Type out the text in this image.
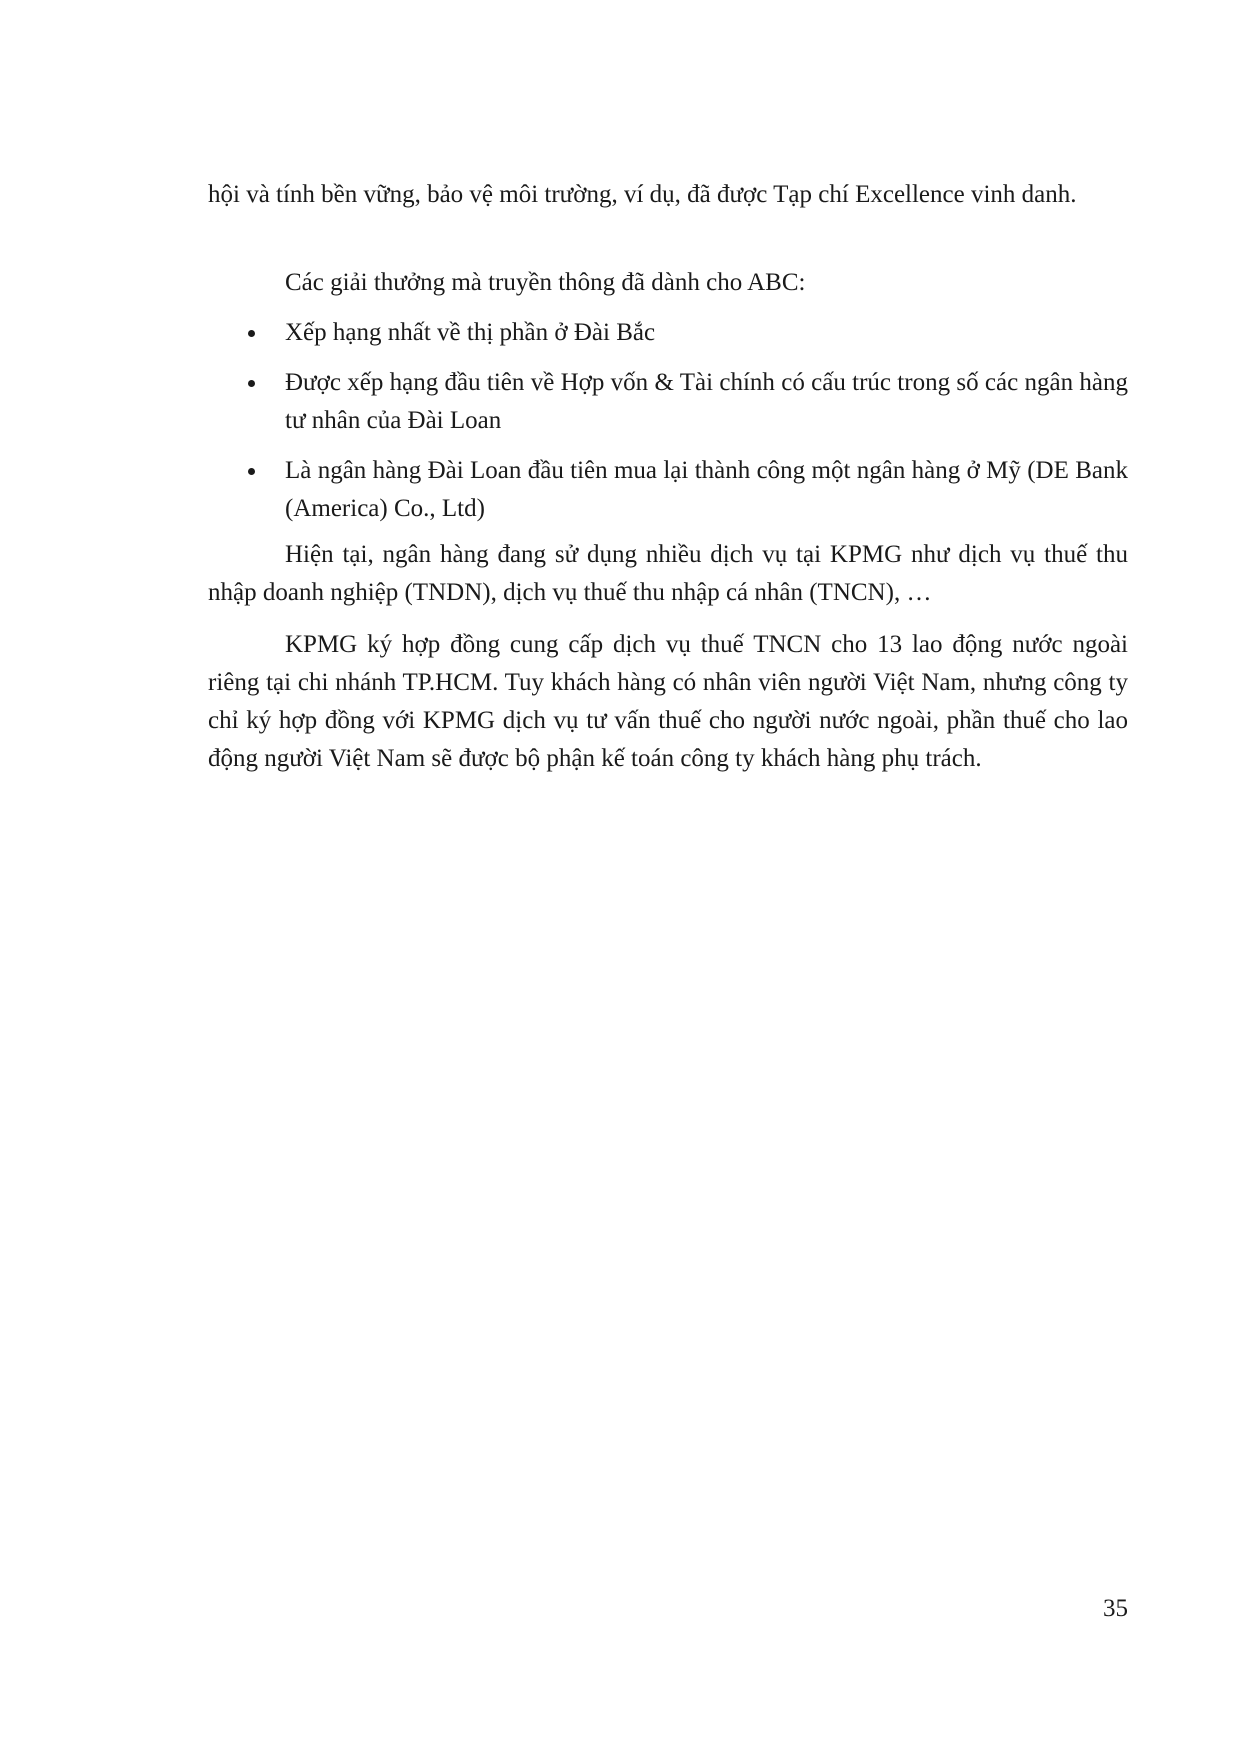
hội và tính bền vững, bảo vệ môi trường, ví dụ, đã được Tạp chí Excellence vinh danh.

Các giải thưởng mà truyền thông đã dành cho ABC:

Xếp hạng nhất về thị phần ở Đài Bắc
Được xếp hạng đầu tiên về Hợp vốn & Tài chính có cấu trúc trong số các ngân hàng tư nhân của Đài Loan
Là ngân hàng Đài Loan đầu tiên mua lại thành công một ngân hàng ở Mỹ (DE Bank (America) Co., Ltd)

Hiện tại, ngân hàng đang sử dụng nhiều dịch vụ tại KPMG như dịch vụ thuế thu nhập doanh nghiệp (TNDN), dịch vụ thuế thu nhập cá nhân (TNCN), …

KPMG ký hợp đồng cung cấp dịch vụ thuế TNCN cho 13 lao động nước ngoài riêng tại chi nhánh TP.HCM. Tuy khách hàng có nhân viên người Việt Nam, nhưng công ty chỉ ký hợp đồng với KPMG dịch vụ tư vấn thuế cho người nước ngoài, phần thuế cho lao động người Việt Nam sẽ được bộ phận kế toán công ty khách hàng phụ trách.

35
